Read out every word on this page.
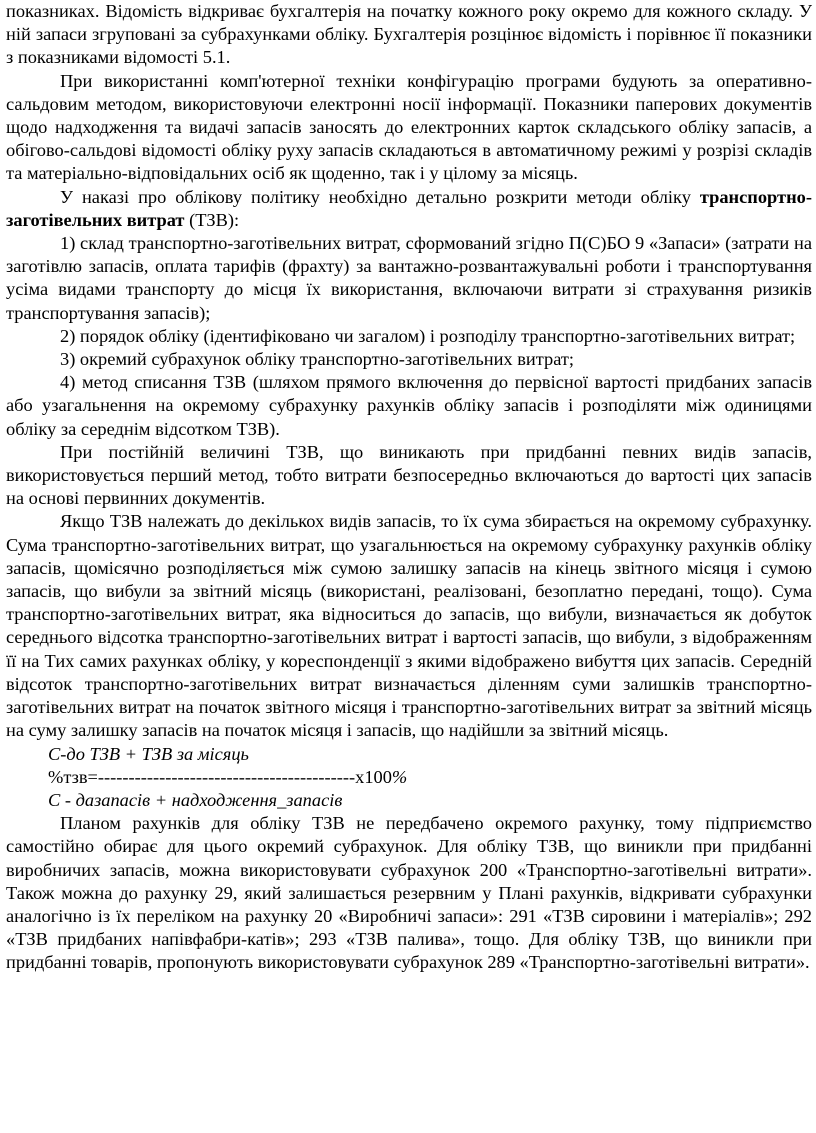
показниках. Відомість відкриває бухгалтерія на початку кожного року окремо для кожного складу. У ній запаси згруповані за субрахунками обліку. Бухгалтерія розцінює відомість і порівнює її показники з показниками відомості 5.1.

При використанні комп'ютерної техніки конфігурацію програми будують за оперативно-сальдовим методом, використовуючи електронні носії інформації. Показники паперових документів щодо надходження та видачі запасів заносять до електронних карток складського обліку запасів, а обігово-сальдові відомості обліку руху запасів складаються в автоматичному режимі у розрізі складів та матеріально-відповідальних осіб як щоденно, так і у цілому за місяць.

У наказі про облікову політику необхідно детально розкрити методи обліку транспортно-заготівельних витрат (ТЗВ):

1) склад транспортно-заготівельних витрат, сформований згідно П(С)БО 9 «Запаси» (затрати на заготівлю запасів, оплата тарифів (фрахту) за вантажно-розвантажувальні роботи і транспортування усіма видами транспорту до місця їх використання, включаючи витрати зі страхування ризиків транспортування запасів);

2) порядок обліку (ідентифіковано чи загалом) і розподілу транспортно-заготівельних витрат;

3) окремий субрахунок обліку транспортно-заготівельних витрат;

4) метод списання ТЗВ (шляхом прямого включення до первісної вартості придбаних запасів або узагальнення на окремому субрахунку рахунків обліку запасів і розподіляти між одиницями обліку за середнім відсотком ТЗВ).

При постійній величині ТЗВ, що виникають при придбанні певних видів запасів, використовується перший метод, тобто витрати безпосередньо включаються до вартості цих запасів на основі первинних документів.

Якщо ТЗВ належать до декількох видів запасів, то їх сума збирається на окремому субрахунку. Сума транспортно-заготівельних витрат, що узагальнюється на окремому субрахунку рахунків обліку запасів, щомісячно розподіляється між сумою залишку запасів на кінець звітного місяця і сумою запасів, що вибули за звітний місяць (використані, реалізовані, безоплатно передані, тощо). Сума транспортно-заготівельних витрат, яка відноситься до запасів, що вибули, визначається як добуток середнього відсотка транспортно-заготівельних витрат і вартості запасів, що вибули, з відображенням її на Тих самих рахунках обліку, у кореспонденції з якими відображено вибуття цих запасів. Середній відсоток транспортно-заготівельних витрат визначається діленням суми залишків транспортно-заготівельних витрат на початок звітного місяця і транспортно-заготівельних витрат за звітний місяць на суму залишку запасів на початок місяця і запасів, що надійшли за звітний місяць.

С-до ТЗВ + ТЗВ за місяць
%тзв=------------------------------------------х100%
С - дазапасів + надходження_запасів

Планом рахунків для обліку ТЗВ не передбачено окремого рахунку, тому підприємство самостійно обирає для цього окремий субрахунок. Для обліку ТЗВ, що виникли при придбанні виробничих запасів, можна використовувати субрахунок 200 «Транспортно-заготівельні витрати». Також можна до рахунку 29, який залишається резервним у Плані рахунків, відкривати субрахунки аналогічно із їх переліком на рахунку 20 «Виробничі запаси»: 291 «ТЗВ сировини і матеріалів»; 292 «ТЗВ придбаних напівфабри-катів»; 293 «ТЗВ палива», тощо. Для обліку ТЗВ, що виникли при придбанні товарів, пропонують використовувати субрахунок 289 «Транспортно-заготівельні витрати».
